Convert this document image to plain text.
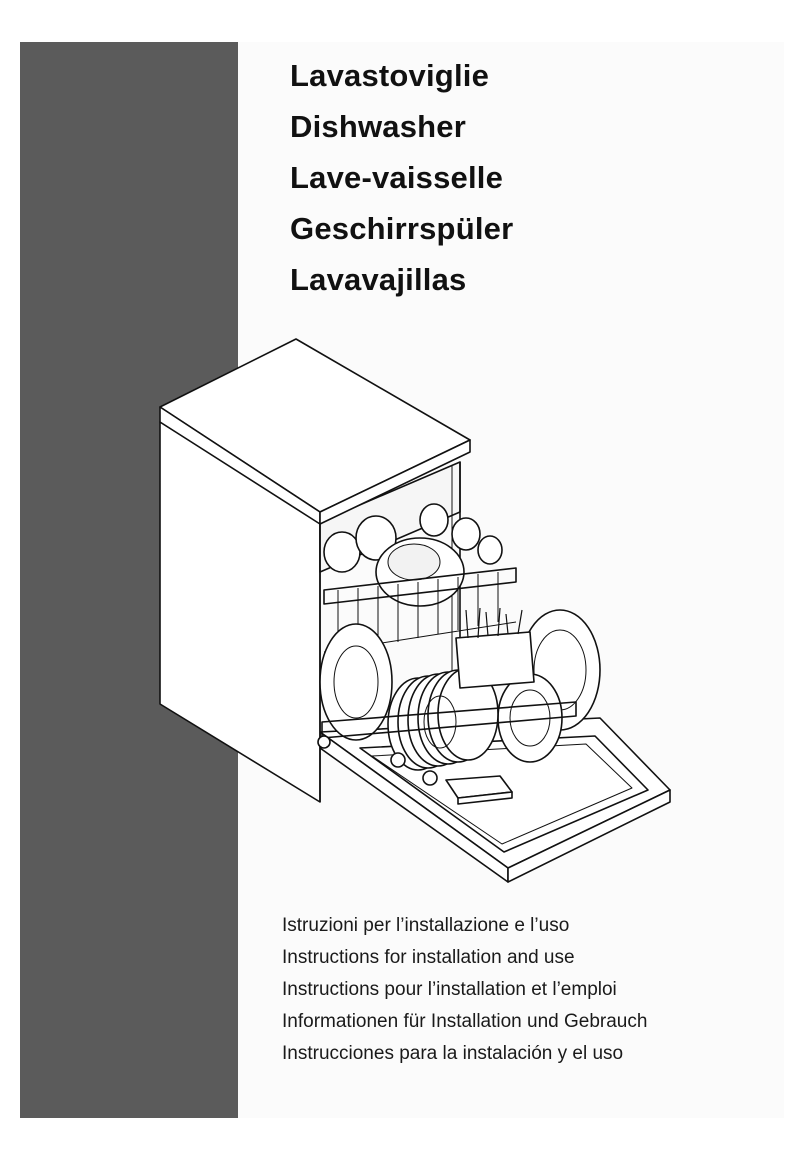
Lavastoviglie
Dishwasher
Lave-vaisselle
Geschirrspüler
Lavavajillas
Istruzioni per l’installazione e l’uso
Instructions for installation and use
Instructions pour l’installation et l’emploi
Informationen für Installation und Gebrauch
Instrucciones para la instalación y el uso
